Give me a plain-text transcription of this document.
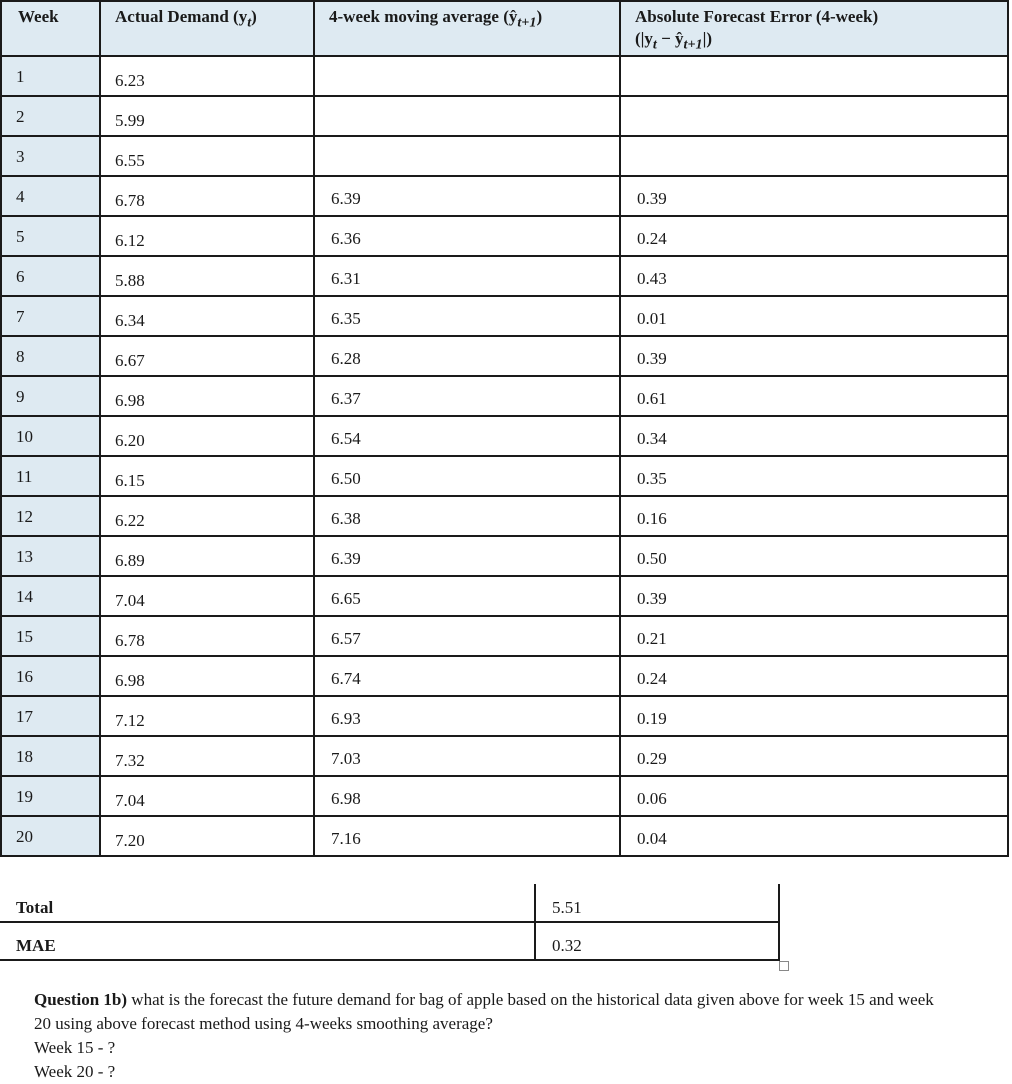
Week	Actual Demand $(y_t)$	4-week moving average $(ŷ_{t+1})$	Absolute Forecast Error (4-week)
($|y_t$ − $ŷ_{t+1}|$)

1	6.23		
2	5.99		
3	6.55		
4	6.78	6.39	0.39
5	6.12	6.36	0.24
6	5.88	6.31	0.43
7	6.34	6.35	0.01
8	6.67	6.28	0.39
9	6.98	6.37	0.61
10	6.20	6.54	0.34
11	6.15	6.50	0.35
12	6.22	6.38	0.16
13	6.89	6.39	0.50
14	7.04	6.65	0.39
15	6.78	6.57	0.21
16	6.98	6.74	0.24
17	7.12	6.93	0.19
18	7.32	7.03	0.29
19	7.04	6.98	0.06
20	7.20	7.16	0.04
Total	5.51
MAE	0.32

Question 1b) what is the forecast the future demand for bag of apple based on the historical data given above for week 15 and week 20 using above forecast method using 4-weeks smoothing average?

Week 15 - ?

Week 20 - ?
